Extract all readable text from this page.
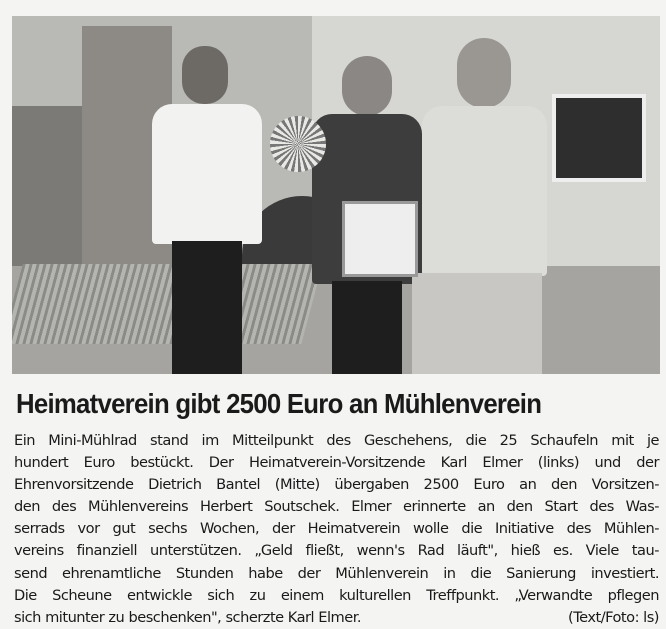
Heimatverein gibt 2500 Euro an Mühlenverein
Ein Mini-Mühlrad stand im Mitteilpunkt des Geschehens, die 25 Schaufeln mit je
hundert Euro bestückt. Der Heimatverein-Vorsitzende Karl Elmer (links) und der
Ehrenvorsitzende Dietrich Bantel (Mitte) übergaben 2500 Euro an den Vorsitzen-
den des Mühlenvereins Herbert Soutschek. Elmer erinnerte an den Start des Was-
serrads vor gut sechs Wochen, der Heimatverein wolle die Initiative des Mühlen-
vereins finanziell unterstützen. „Geld fließt, wenn's Rad läuft", hieß es. Viele tau-
send ehrenamtliche Stunden habe der Mühlenverein in die Sanierung investiert.
Die Scheune entwickle sich zu einem kulturellen Treffpunkt. „Verwandte pflegen
sich mitunter zu beschenken", scherzte Karl Elmer.	(Text/Foto: ls)
